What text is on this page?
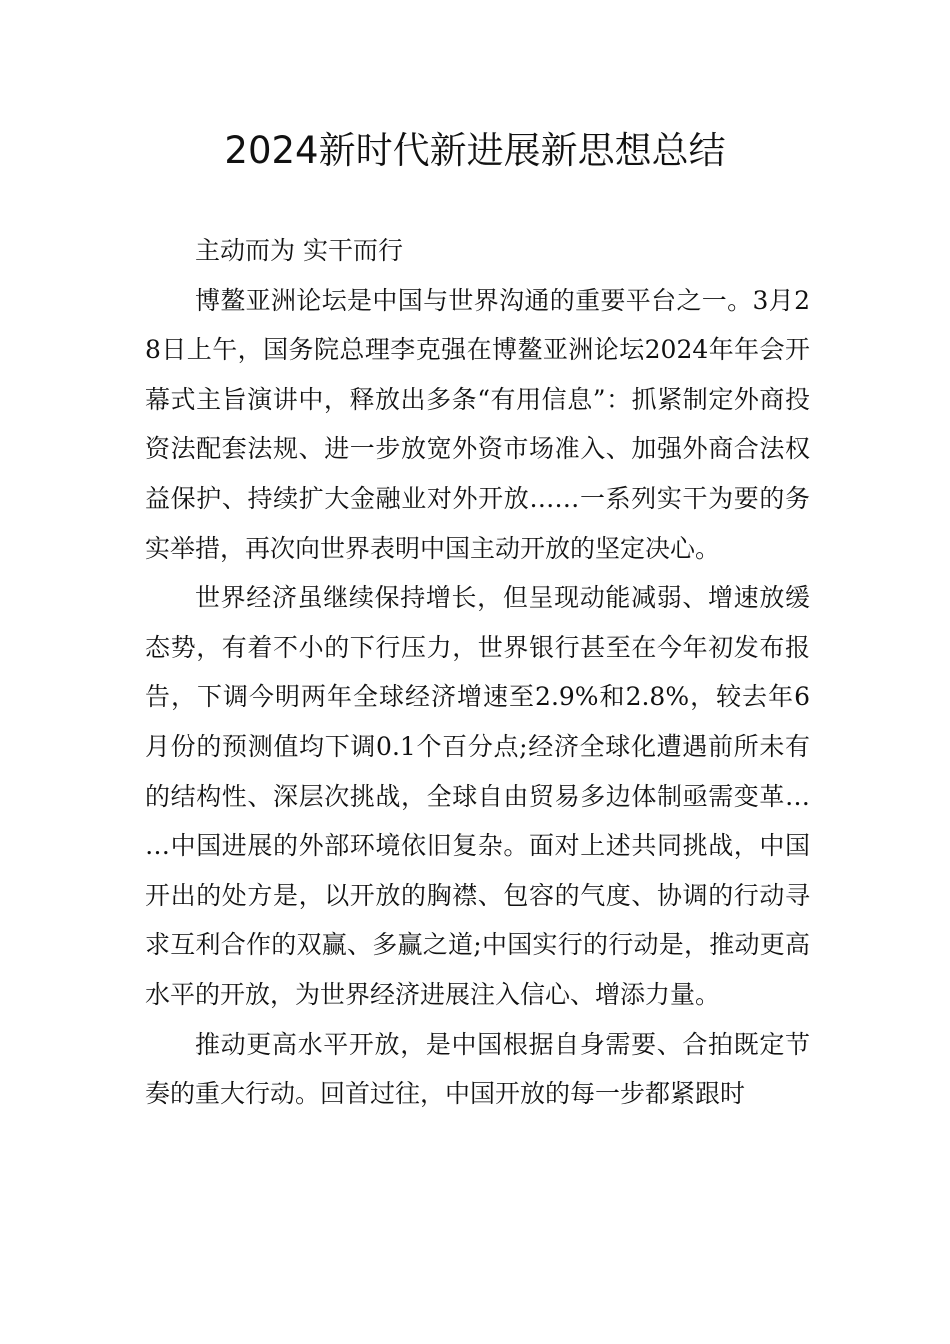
2024新时代新进展新思想总结

主动而为 实干而行

博鳌亚洲论坛是中国与世界沟通的重要平台之一。3月28日上午，国务院总理李克强在博鳌亚洲论坛2024年年会开幕式主旨演讲中，释放出多条“有用信息”：抓紧制定外商投资法配套法规、进一步放宽外资市场准入、加强外商合法权益保护、持续扩大金融业对外开放……一系列实干为要的务实举措，再次向世界表明中国主动开放的坚定决心。

世界经济虽继续保持增长，但呈现动能减弱、增速放缓态势，有着不小的下行压力，世界银行甚至在今年初发布报告，下调今明两年全球经济增速至2.9%和2.8%，较去年6月份的预测值均下调0.1个百分点;经济全球化遭遇前所未有的结构性、深层次挑战，全球自由贸易多边体制亟需变革……中国进展的外部环境依旧复杂。面对上述共同挑战，中国开出的处方是，以开放的胸襟、包容的气度、协调的行动寻求互利合作的双赢、多赢之道;中国实行的行动是，推动更高水平的开放，为世界经济进展注入信心、增添力量。

推动更高水平开放，是中国根据自身需要、合拍既定节奏的重大行动。回首过往，中国开放的每一步都紧跟时
